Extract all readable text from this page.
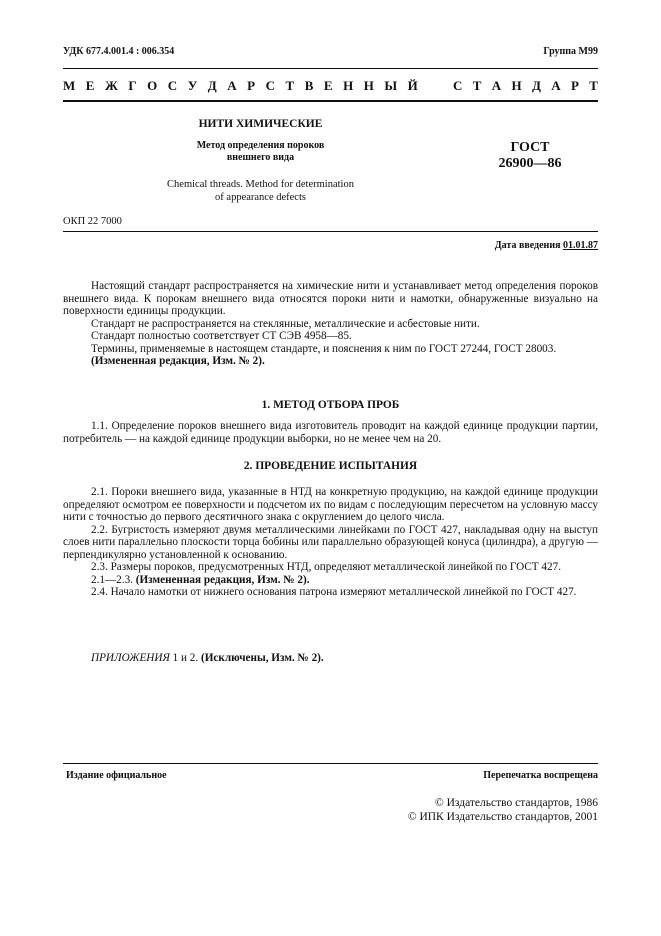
УДК 677.4.001.4 : 006.354	Группа М99
М Е Ж Г О С У Д А Р С Т В Е Н Н Ы Й	С Т А Н Д А Р Т
НИТИ ХИМИЧЕСКИЕ
Метод определения пороков
внешнего вида
ГОСТ
26900—86
Chemical threads. Method for determination
of appearance defects
ОКП 22 7000
Дата введения 01.01.87

Настоящий стандарт распространяется на химические нити и устанавливает метод определения пороков внешнего вида. К порокам внешнего вида относятся пороки нити и намотки, обнаруженные визуально на поверхности единицы продукции.

Стандарт не распространяется на стеклянные, металлические и асбестовые нити.

Стандарт полностью соответствует СТ СЭВ 4958—85.

Термины, применяемые в настоящем стандарте, и пояснения к ним по ГОСТ 27244, ГОСТ 28003.

(Измененная редакция, Изм. № 2).

1. МЕТОД ОТБОРА ПРОБ

1.1. Определение пороков внешнего вида изготовитель проводит на каждой единице продукции партии, потребитель — на каждой единице продукции выборки, но не менее чем на 20.

2. ПРОВЕДЕНИЕ ИСПЫТАНИЯ

2.1. Пороки внешнего вида, указанные в НТД на конкретную продукцию, на каждой единице продукции определяют осмотром ее поверхности и подсчетом их по видам с последующим пересчетом на условную массу нити с точностью до первого десятичного знака с округлением до целого числа.

2.2. Бугристость измеряют двумя металлическими линейками по ГОСТ 427, накладывая одну на выступ слоев нити параллельно плоскости торца бобины или параллельно образующей конуса (цилиндра), а другую — перпендикулярно установленной к основанию.

2.3. Размеры пороков, предусмотренных НТД, определяют металлической линейкой по ГОСТ 427.

2.1—2.3. (Измененная редакция, Изм. № 2).

2.4. Начало намотки от нижнего основания патрона измеряют металлической линейкой по ГОСТ 427.

ПРИЛОЖЕНИЯ 1 и 2. (Исключены, Изм. № 2).

Издание официальное	Перепечатка воспрещена
© Издательство стандартов, 1986
© ИПК Издательство стандартов, 2001
